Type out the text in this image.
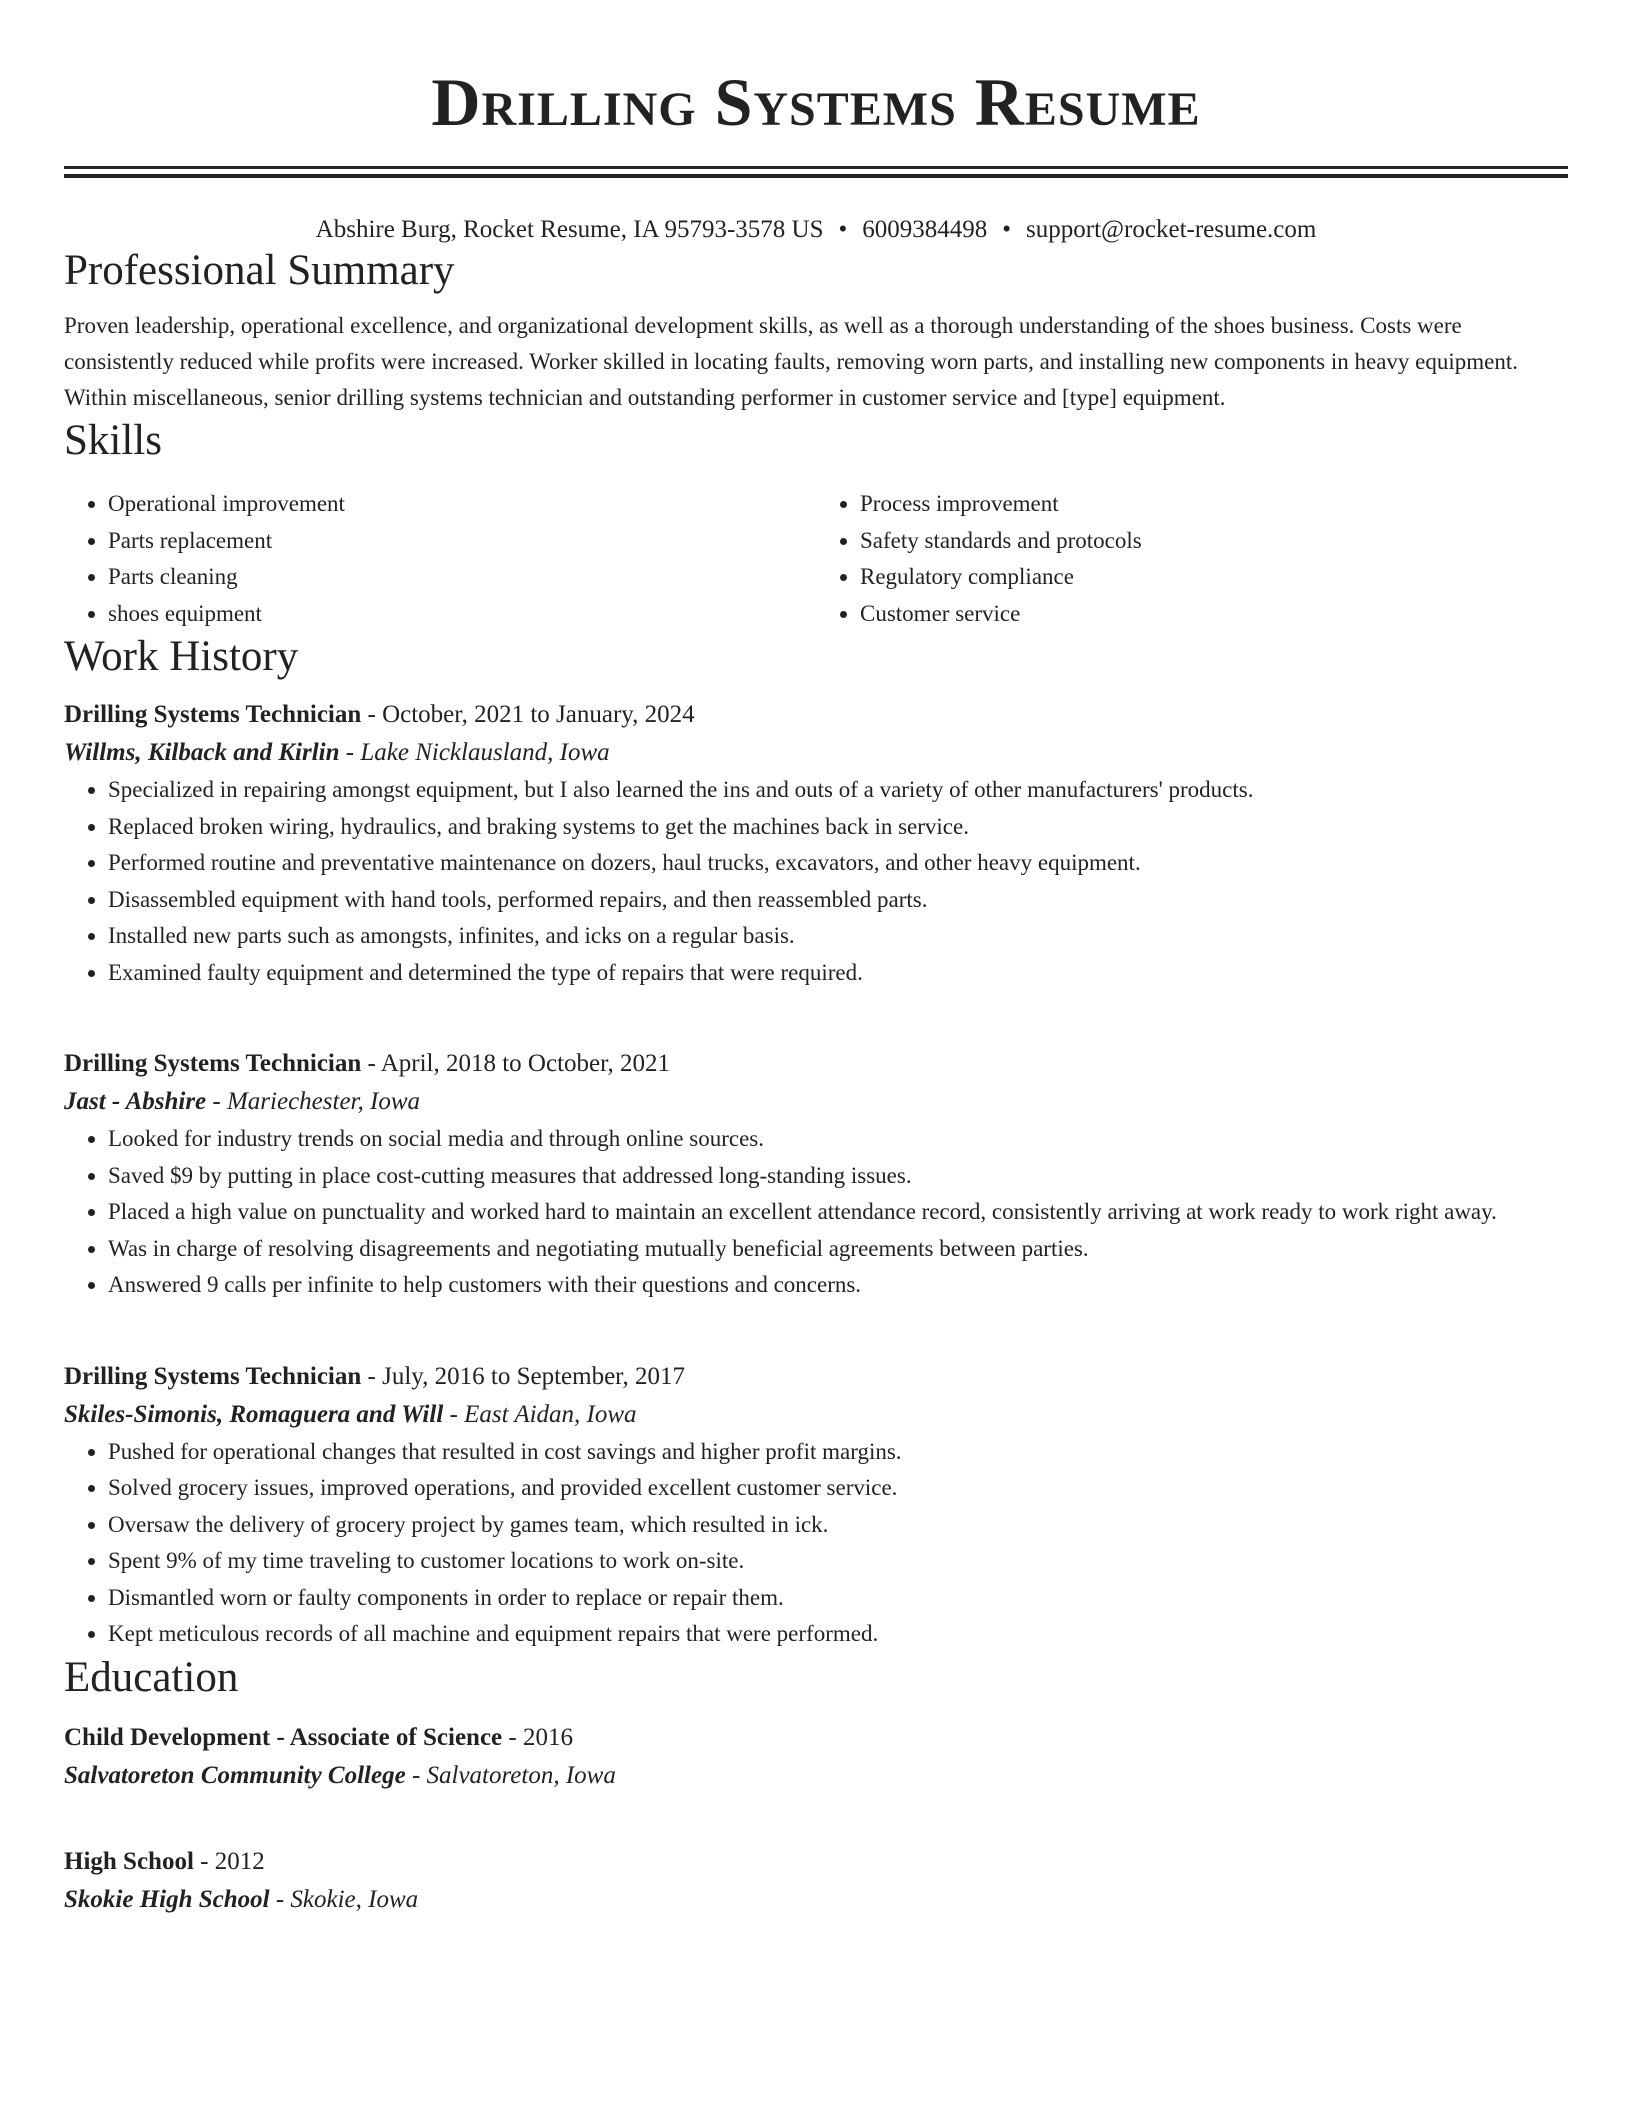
Drilling Systems Resume
Abshire Burg, Rocket Resume, IA 95793-3578 US • 6009384498 • support@rocket-resume.com
Professional Summary

Proven leadership, operational excellence, and organizational development skills, as well as a thorough understanding of the shoes business. Costs were consistently reduced while profits were increased. Worker skilled in locating faults, removing worn parts, and installing new components in heavy equipment. Within miscellaneous, senior drilling systems technician and outstanding performer in customer service and [type] equipment.

Skills
• Operational improvement
• Parts replacement
• Parts cleaning
• shoes equipment
• Process improvement
• Safety standards and protocols
• Regulatory compliance
• Customer service
Work History
Drilling Systems Technician - October, 2021 to January, 2024
Willms, Kilback and Kirlin - Lake Nicklausland, Iowa
• Specialized in repairing amongst equipment, but I also learned the ins and outs of a variety of other manufacturers' products.
• Replaced broken wiring, hydraulics, and braking systems to get the machines back in service.
• Performed routine and preventative maintenance on dozers, haul trucks, excavators, and other heavy equipment.
• Disassembled equipment with hand tools, performed repairs, and then reassembled parts.
• Installed new parts such as amongsts, infinites, and icks on a regular basis.
• Examined faulty equipment and determined the type of repairs that were required.
Drilling Systems Technician - April, 2018 to October, 2021
Jast - Abshire - Mariechester, Iowa
• Looked for industry trends on social media and through online sources.
• Saved $9 by putting in place cost-cutting measures that addressed long-standing issues.
• Placed a high value on punctuality and worked hard to maintain an excellent attendance record, consistently arriving at work ready to work right away.
• Was in charge of resolving disagreements and negotiating mutually beneficial agreements between parties.
• Answered 9 calls per infinite to help customers with their questions and concerns.
Drilling Systems Technician - July, 2016 to September, 2017
Skiles-Simonis, Romaguera and Will - East Aidan, Iowa
• Pushed for operational changes that resulted in cost savings and higher profit margins.
• Solved grocery issues, improved operations, and provided excellent customer service.
• Oversaw the delivery of grocery project by games team, which resulted in ick.
• Spent 9% of my time traveling to customer locations to work on-site.
• Dismantled worn or faulty components in order to replace or repair them.
• Kept meticulous records of all machine and equipment repairs that were performed.
Education
Child Development - Associate of Science - 2016
Salvatoreton Community College - Salvatoreton, Iowa
High School - 2012
Skokie High School - Skokie, Iowa
